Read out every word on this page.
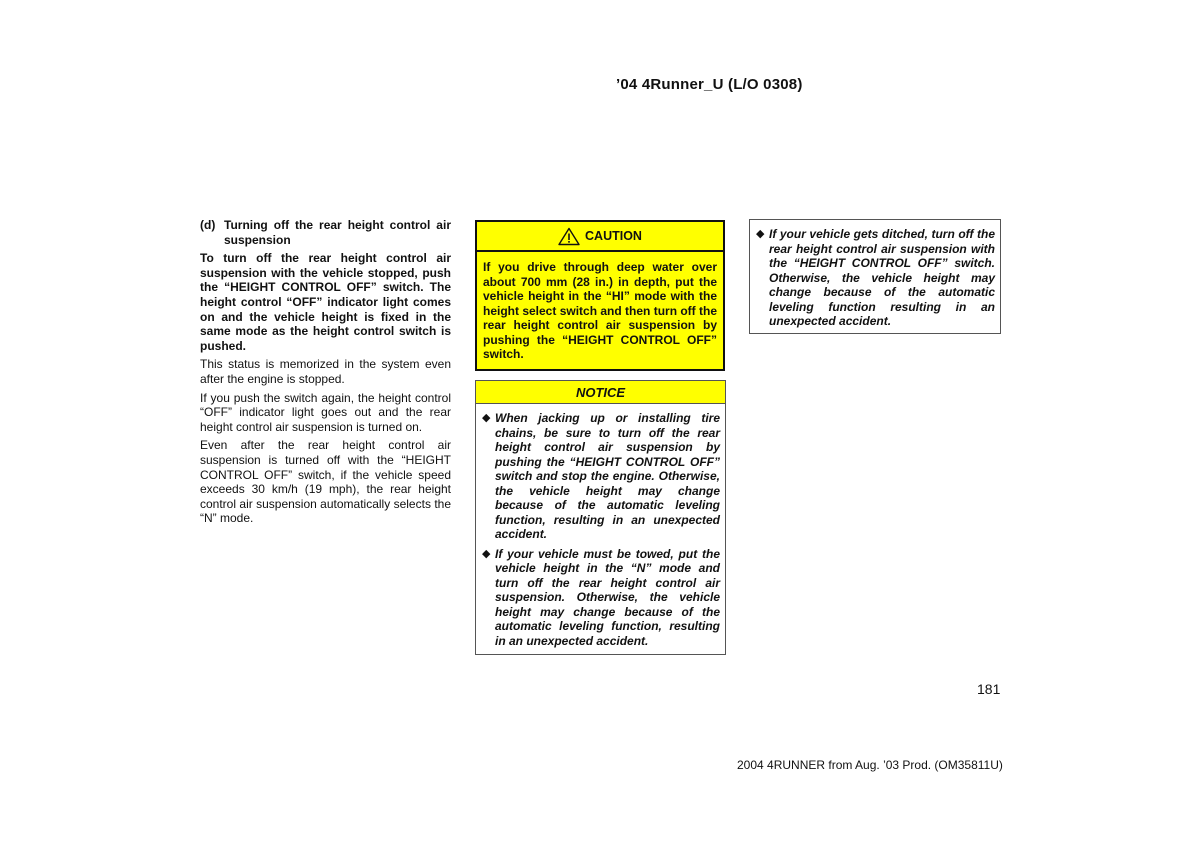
’04 4Runner_U (L/O 0308)
(d) Turning off the rear height control air suspension

To turn off the rear height control air suspension with the vehicle stopped, push the “HEIGHT CONTROL OFF” switch. The height control “OFF” indicator light comes on and the vehicle height is fixed in the same mode as the height control switch is pushed.

This status is memorized in the system even after the engine is stopped.

If you push the switch again, the height control “OFF” indicator light goes out and the rear height control air suspension is turned on.

Even after the rear height control air suspension is turned off with the “HEIGHT CONTROL OFF” switch, if the vehicle speed exceeds 30 km/h (19 mph), the rear height control air suspension automatically selects the “N” mode.

CAUTION
If you drive through deep water over about 700 mm (28 in.) in depth, put the vehicle height in the “HI” mode with the height select switch and then turn off the rear height control air suspension by pushing the “HEIGHT CONTROL OFF” switch.
NOTICE
◆ When jacking up or installing tire chains, be sure to turn off the rear height control air suspension by pushing the “HEIGHT CONTROL OFF” switch and stop the engine. Otherwise, the vehicle height may change because of the automatic leveling function, resulting in an unexpected accident.
◆ If your vehicle must be towed, put the vehicle height in the “N” mode and turn off the rear height control air suspension. Otherwise, the vehicle height may change because of the automatic leveling function, resulting in an unexpected accident.
◆ If your vehicle gets ditched, turn off the rear height control air suspension with the “HEIGHT CONTROL OFF” switch. Otherwise, the vehicle height may change because of the automatic leveling function resulting in an unexpected accident.
181
2004 4RUNNER from Aug. ’03 Prod. (OM35811U)
